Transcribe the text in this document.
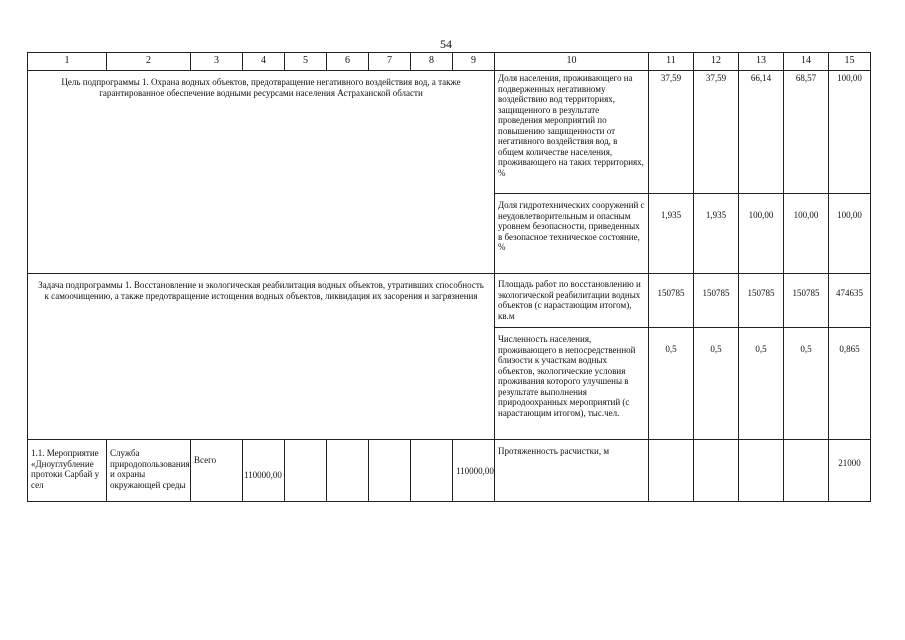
54
1	2	3	4	5	6	7	8	9	10	11	12	13	14	15
Цель подпрограммы 1. Охрана водных объектов, предотвращение негативного воздействия вод, а также гарантированное обеспечение водными ресурсами населения Астраханской области									Доля населения, проживающего на подверженных негативному воздействию вод территориях, защищенного в результате проведения мероприятий по повышению защищенности от негативного воздействия вод, в общем количестве населения, проживающего на таких территориях, %	37,59	37,59	66,14	68,57	100,00
									Доля гидротехнических сооружений с неудовлетворительным и опасным уровнем безопасности, приведенных в безопасное техническое состояние, %	1,935	1,935	100,00	100,00	100,00
Задача подпрограммы 1. Восстановление и экологическая реабилитация водных объектов, утративших способность к самоочищению, а также предотвращение истощения водных объектов, ликвидация их засорения и загрязнения									Площадь работ по восстановлению и экологической реабилитации водных объектов (с нарастающим итогом), кв.м	150785	150785	150785	150785	474635
									Численность населения, проживающего в непосредственной близости к участкам водных объектов, экологические условия проживания которого улучшены в результате выполнения природоохранных мероприятий (с нарастающим итогом), тыс.чел.	0,5	0,5	0,5	0,5	0,865
1.1. Мероприятие «Дноуглубление протоки Сарбай у сел	Служба природопользования и охраны окружающей среды	Всего	110000,00					110000,00	Протяженность расчистки, м					21000
